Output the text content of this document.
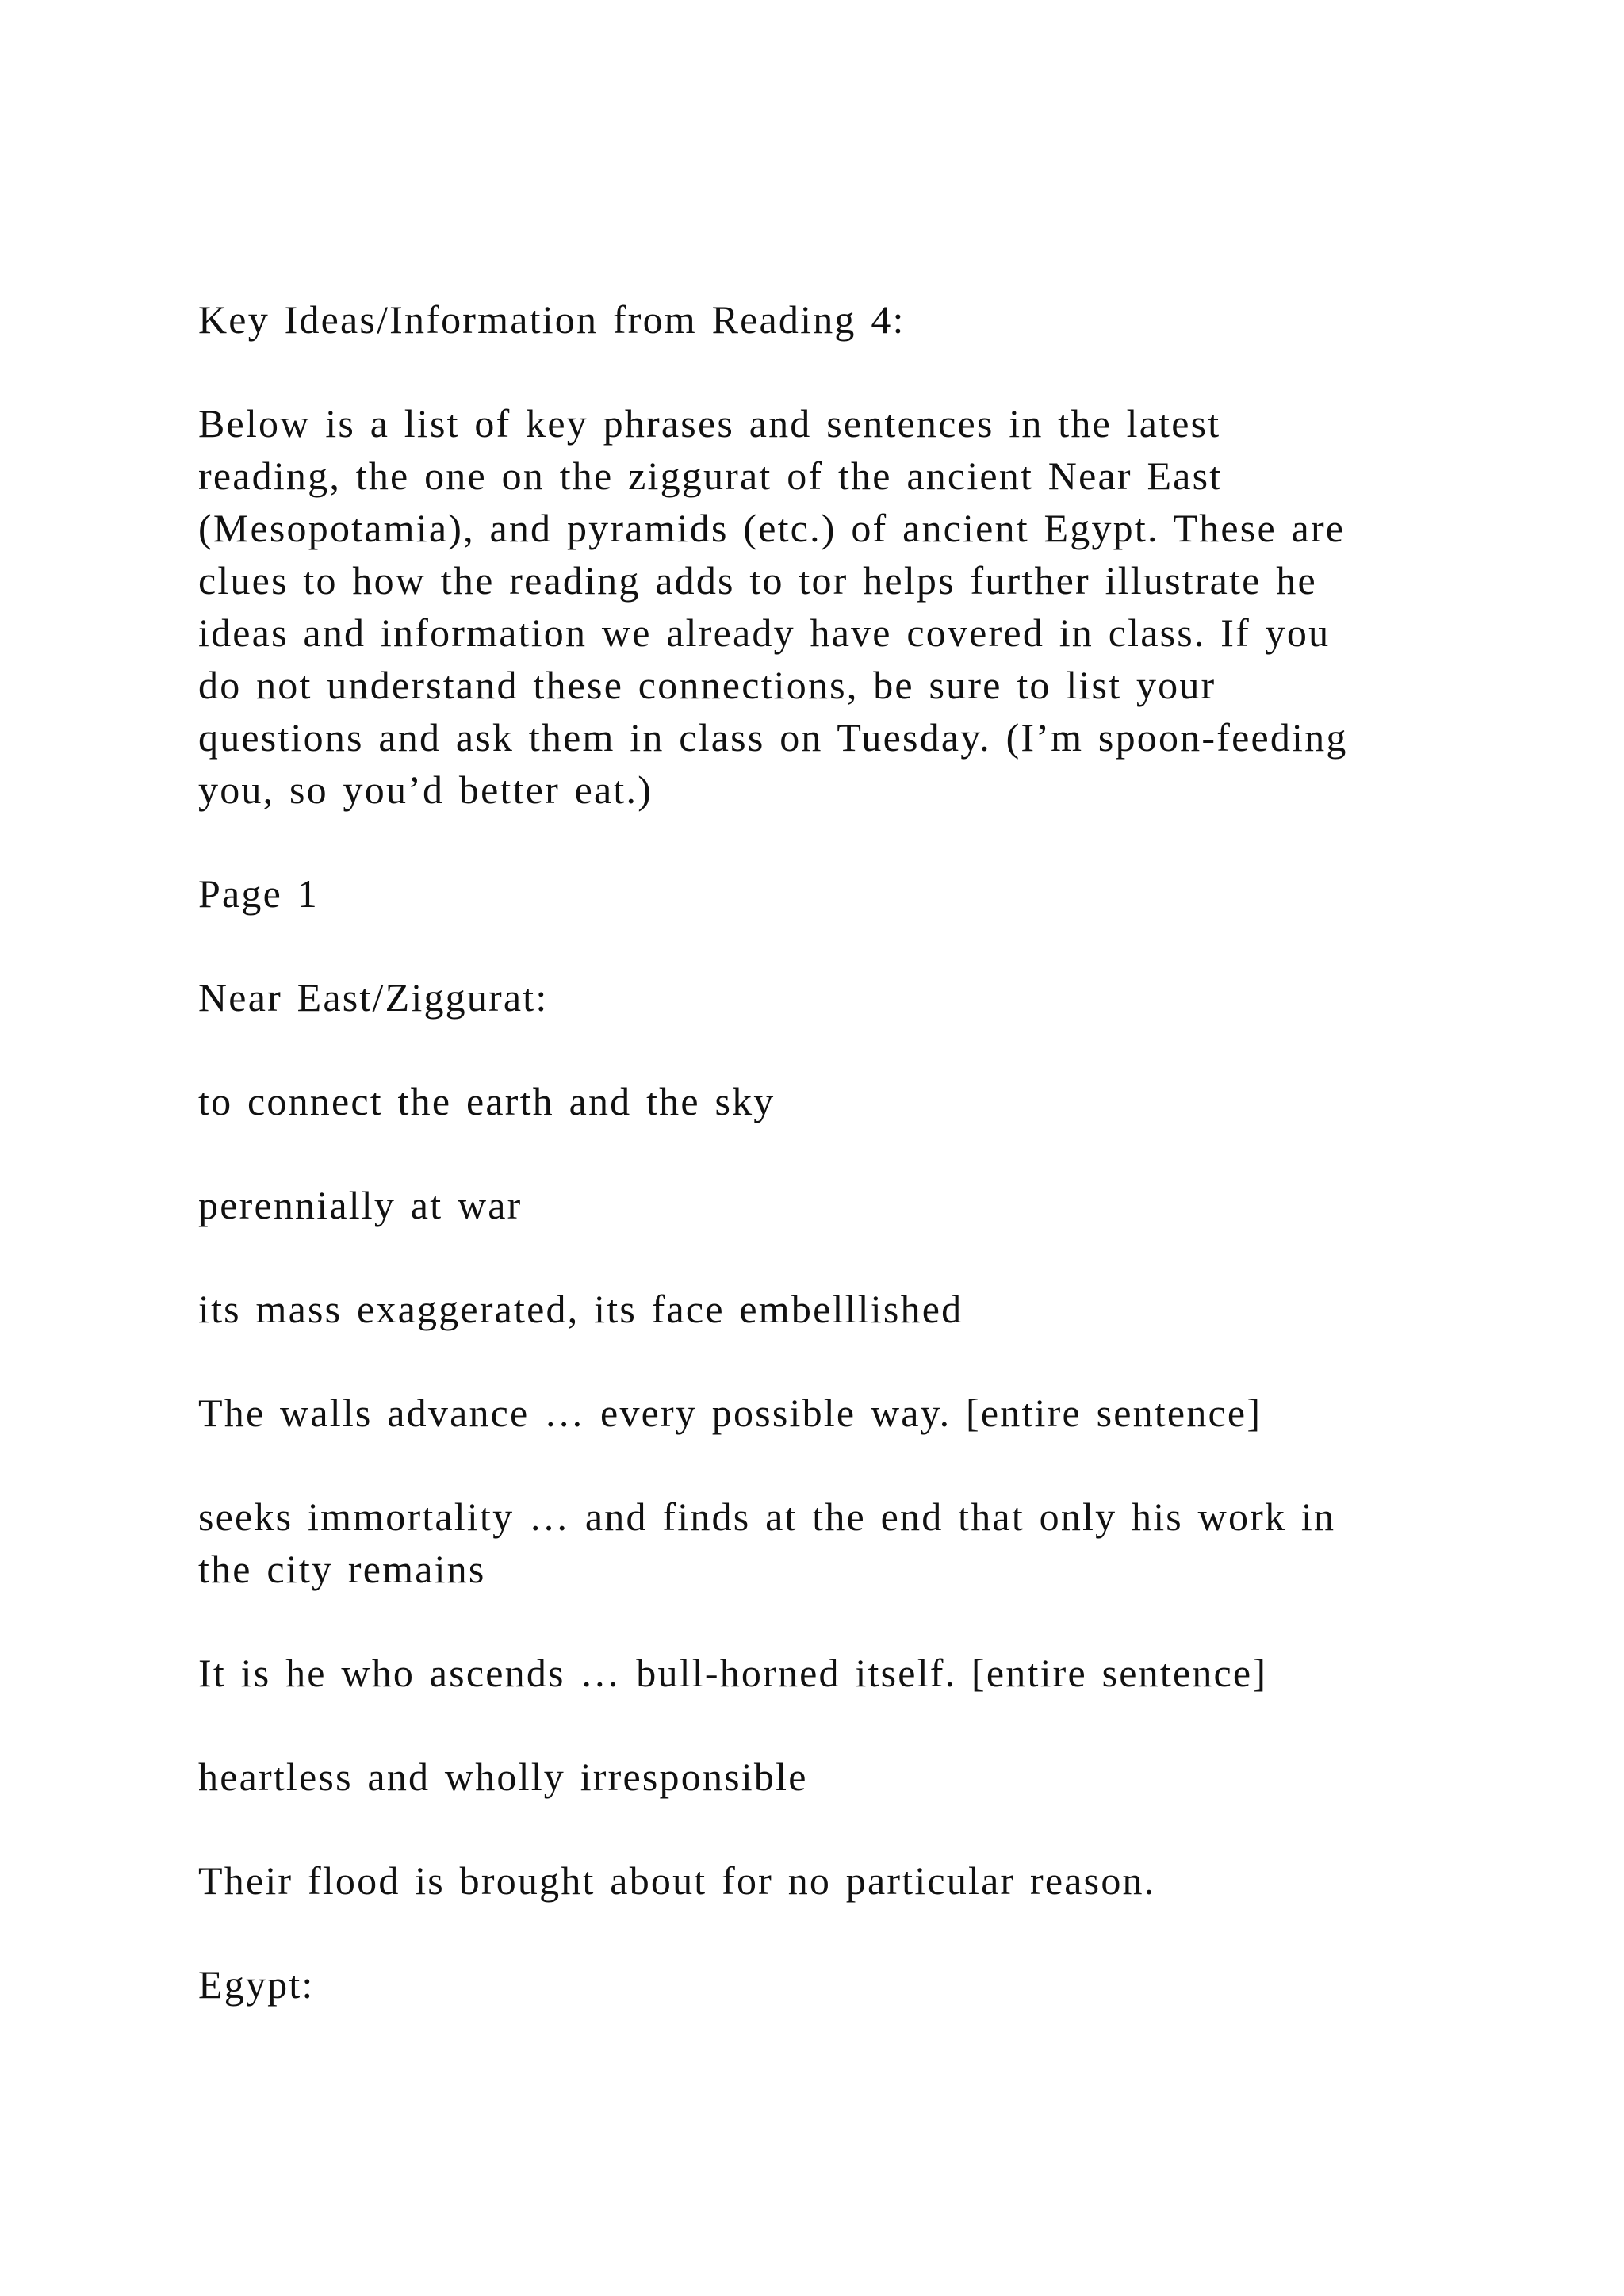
Key Ideas/Information from Reading 4:

Below is a list of key phrases and sentences in the latest
reading, the one on the ziggurat of the ancient Near East
(Mesopotamia), and pyramids (etc.) of ancient Egypt. These are
clues to how the reading adds to tor helps further illustrate he
ideas and information we already have covered in class. If you
do not understand these connections, be sure to list your
questions and ask them in class on Tuesday. (I’m spoon-feeding
you, so you’d better eat.)

Page 1

Near East/Ziggurat:

to connect the earth and the sky

perennially at war

its mass exaggerated, its face embelllished

The walls advance … every possible way. [entire sentence]

seeks immortality … and finds at the end that only his work in
the city remains

It is he who ascends … bull-horned itself. [entire sentence]

heartless and wholly irresponsible

Their flood is brought about for no particular reason.

Egypt:
